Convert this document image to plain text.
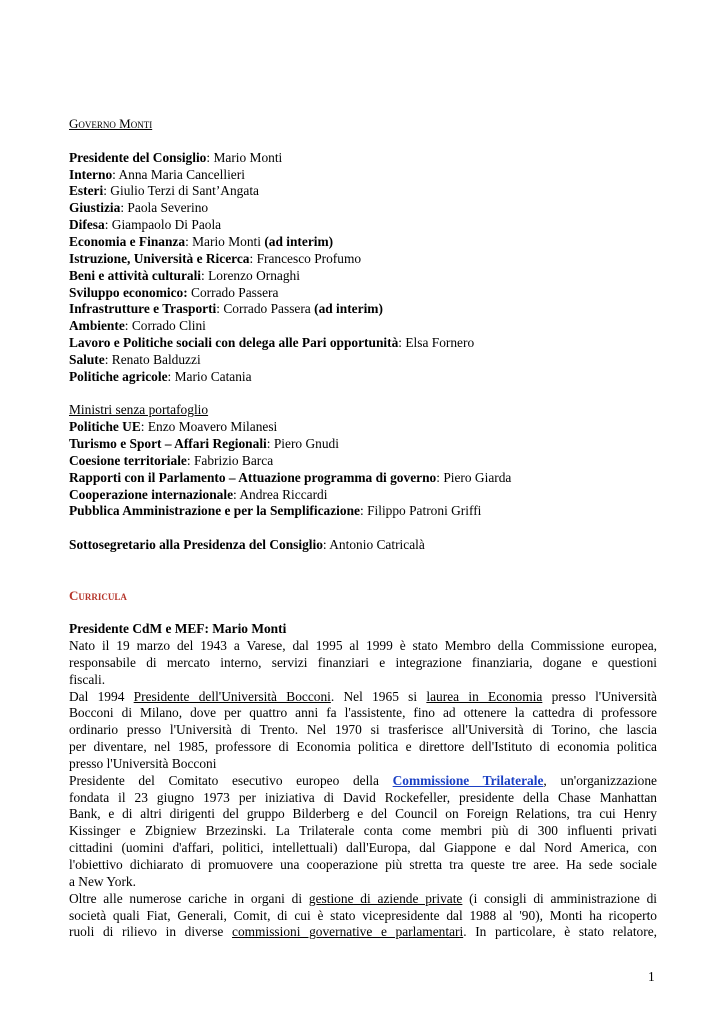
Governo Monti
Presidente del Consiglio: Mario Monti
Interno: Anna Maria Cancellieri
Esteri: Giulio Terzi di Sant’Angata
Giustizia: Paola Severino
Difesa: Giampaolo Di Paola
Economia e Finanza: Mario Monti (ad interim)
Istruzione, Università e Ricerca: Francesco Profumo
Beni e attività culturali: Lorenzo Ornaghi
Sviluppo economico: Corrado Passera
Infrastrutture e Trasporti: Corrado Passera (ad interim)
Ambiente: Corrado Clini
Lavoro e Politiche sociali con delega alle Pari opportunità: Elsa Fornero
Salute: Renato Balduzzi
Politiche agricole: Mario Catania
Ministri senza portafoglio
Politiche UE: Enzo Moavero Milanesi
Turismo e Sport – Affari Regionali: Piero Gnudi
Coesione territoriale: Fabrizio Barca
Rapporti con il Parlamento – Attuazione programma di governo: Piero Giarda
Cooperazione internazionale: Andrea Riccardi
Pubblica Amministrazione e per la Semplificazione: Filippo Patroni Griffi
Sottosegretario alla Presidenza del Consiglio: Antonio Catricalà
Curricula
Presidente CdM e MEF: Mario Monti
Nato il 19 marzo del 1943 a Varese, dal 1995 al 1999 è stato Membro della Commissione europea,
responsabile di mercato interno, servizi finanziari e integrazione finanziaria, dogane e questioni
fiscali.
Dal 1994 Presidente dell'Università Bocconi. Nel 1965 si laurea in Economia presso l'Università
Bocconi di Milano, dove per quattro anni fa l'assistente, fino ad ottenere la cattedra di professore
ordinario presso l'Università di Trento. Nel 1970 si trasferisce all'Università di Torino, che lascia
per diventare, nel 1985, professore di Economia politica e direttore dell'Istituto di economia politica
presso l'Università Bocconi
Presidente del Comitato esecutivo europeo della Commissione Trilaterale, un'organizzazione
fondata il 23 giugno 1973 per iniziativa di David Rockefeller, presidente della Chase Manhattan
Bank, e di altri dirigenti del gruppo Bilderberg e del Council on Foreign Relations, tra cui Henry
Kissinger e Zbigniew Brzezinski. La Trilaterale conta come membri più di 300 influenti privati
cittadini (uomini d'affari, politici, intellettuali) dall'Europa, dal Giappone e dal Nord America, con
l'obiettivo dichiarato di promuovere una cooperazione più stretta tra queste tre aree. Ha sede sociale
a New York.
Oltre alle numerose cariche in organi di gestione di aziende private (i consigli di amministrazione di
società quali Fiat, Generali, Comit, di cui è stato vicepresidente dal 1988 al '90), Monti ha ricoperto
ruoli di rilievo in diverse commissioni governative e parlamentari. In particolare, è stato relatore,
1
